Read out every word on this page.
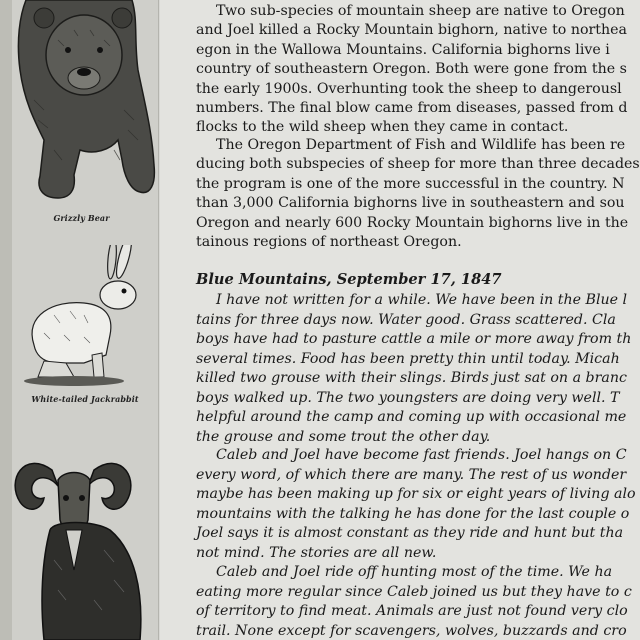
Grizzly Bear
White-tailed Jackrabbit
Two sub-species of mountain sheep are native to Oregon
and Joel killed a Rocky Mountain bighorn, native to northea
egon in the Wallowa Mountains. California bighorns live i
country of southeastern Oregon. Both were gone from the s
the early 1900s. Overhunting took the sheep to dangerousl
numbers. The final blow came from diseases, passed from d
flocks to the wild sheep when they came in contact.
The Oregon Department of Fish and Wildlife has been re
ducing both subspecies of sheep for more than three decades
the program is one of the more successful in the country. N
than 3,000 California bighorns live in southeastern and sou
Oregon and nearly 600 Rocky Mountain bighorns live in the
tainous regions of northeast Oregon.
Blue Mountains, September 17, 1847
I have not written for a while. We have been in the Blue l
tains for three days now. Water good. Grass scattered. Cla
boys have had to pasture cattle a mile or more away from th
several times. Food has been pretty thin until today. Micah
killed two grouse with their slings. Birds just sat on a branc
boys walked up. The two youngsters are doing very well. T
helpful around the camp and coming up with occasional me
the grouse and some trout the other day.
Caleb and Joel have become fast friends. Joel hangs on C
every word, of which there are many. The rest of us wonder
maybe has been making up for six or eight years of living alo
mountains with the talking he has done for the last couple o
Joel says it is almost constant as they ride and hunt but tha
not mind. The stories are all new.
Caleb and Joel ride off hunting most of the time. We ha
eating more regular since Caleb joined us but they have to c
of territory to find meat. Animals are just not found very clo
trail. None except for scavengers, wolves, buzzards and cro
